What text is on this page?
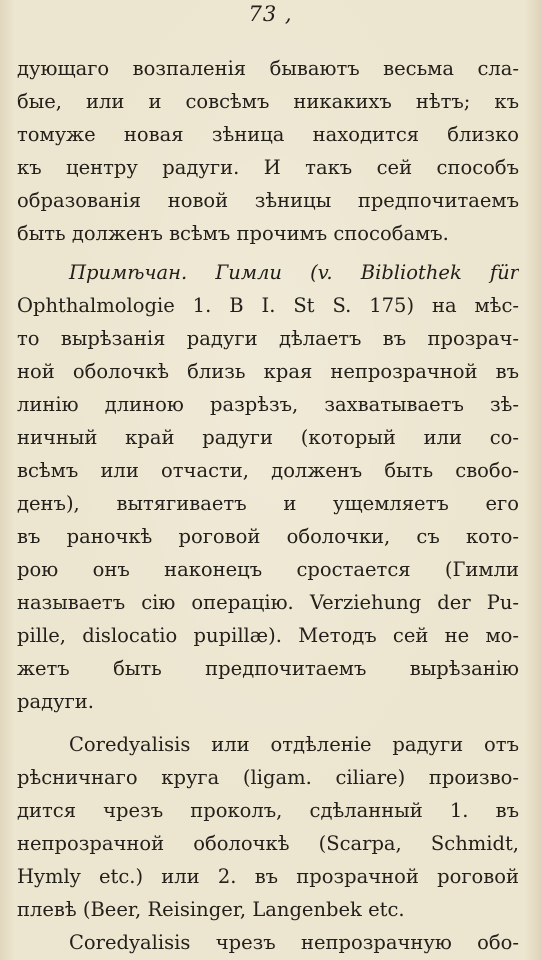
73 ,
дующаго возпаленія бываютъ весьма сла-
быe, или и совсѣмъ никакихъ нѣтъ; къ
томуже новая зѣница находится близко
къ центру радуги. И такъ сей способъ
образованія новой зѣницы предпочитаемъ
быть долженъ всѣмъ прочимъ способамъ.
Примѣчан. Гимли (v. Bibliothek für
Ophthalmologie 1. B I. St S. 175) на мѣс-
то вырѣзанія радуги дѣлаетъ въ прозрач-
ной оболочкѣ близь края непрозрачной въ
линію длиною разрѣзъ, захватываетъ зѣ-
ничный край радуги (который или со-
всѣмъ или отчасти, долженъ быть свобо-
денъ), вытягиваетъ и ущемляетъ его
въ раночкѣ роговой оболочки, съ кото-
рою онъ наконецъ сростается (Гимли
называетъ сію операцію. Verziehung der Pu-
pille, dislocatio pupillæ). Методъ сей не мо-
жетъ быть предпочитаемъ вырѣзанію
радуги.
Coredyalisis или отдѣленіе радуги отъ
рѣсничнаго круга (ligam. ciliare) произво-
дится чрезъ проколъ, сдѣланный 1. въ
непрозрачной оболочкѣ (Scarpa, Schmidt,
Hymly etc.) или 2. въ прозрачной роговой
плевѣ (Beer, Reisinger, Langenbek etc.
Coredyalisis чрезъ непрозрачную обо-
